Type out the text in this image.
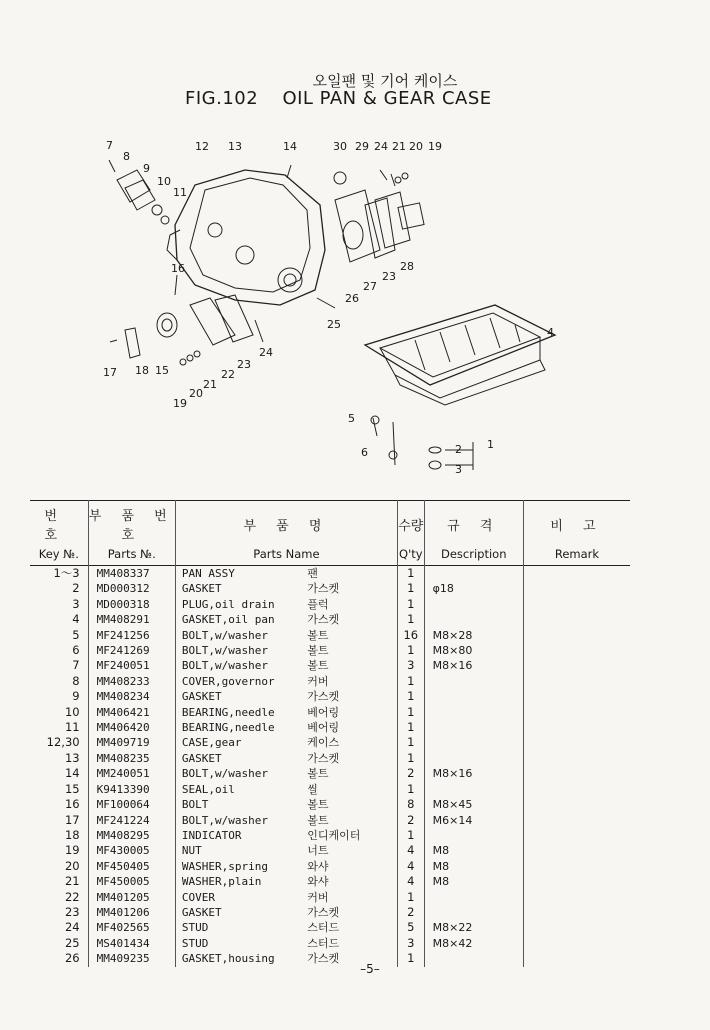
오일팬 및 기어 케이스
FIG.102 OIL PAN & GEAR CASE
7
8
9
10
11
12 13	14	30 29 24 21 20 19
28
23
27
26
25
16
4
24
23
22
21
20
19
15
18
17
5
6
1
2
3
번 호	부 품 번 호	부 품 명		수량	규 격	비 고
Key №.	Parts №.	Parts Name		Q'ty	Description	Remark
1～3	MM408337	PAN ASSY	팬	1		
2	MD000312	GASKET	가스켓	1	φ18	
3	MD000318	PLUG,oil drain	플럭	1		
4	MM408291	GASKET,oil pan	가스켓	1		
5	MF241256	BOLT,w/washer	볼트	16	M8×28	
6	MF241269	BOLT,w/washer	볼트	1	M8×80	
7	MF240051	BOLT,w/washer	볼트	3	M8×16	
8	MM408233	COVER,governor	커버	1		
9	MM408234	GASKET	가스켓	1		
10	MM406421	BEARING,needle	베어링	1		
11	MM406420	BEARING,needle	베어링	1		
12,30	MM409719	CASE,gear	케이스	1		
13	MM408235	GASKET	가스켓	1		
14	MM240051	BOLT,w/washer	볼트	2	M8×16	
15	K9413390	SEAL,oil	씰	1		
16	MF100064	BOLT	볼트	8	M8×45	
17	MF241224	BOLT,w/washer	볼트	2	M6×14	
18	MM408295	INDICATOR	인디케이터	1		
19	MF430005	NUT	너트	4	M8	
20	MF450405	WASHER,spring	와샤	4	M8	
21	MF450005	WASHER,plain	와샤	4	M8	
22	MM401205	COVER	커버	1		
23	MM401206	GASKET	가스켓	2		
24	MF402565	STUD	스터드	5	M8×22	
25	MS401434	STUD	스터드	3	M8×42	
26	MM409235	GASKET,housing	가스켓	1		
–5–
